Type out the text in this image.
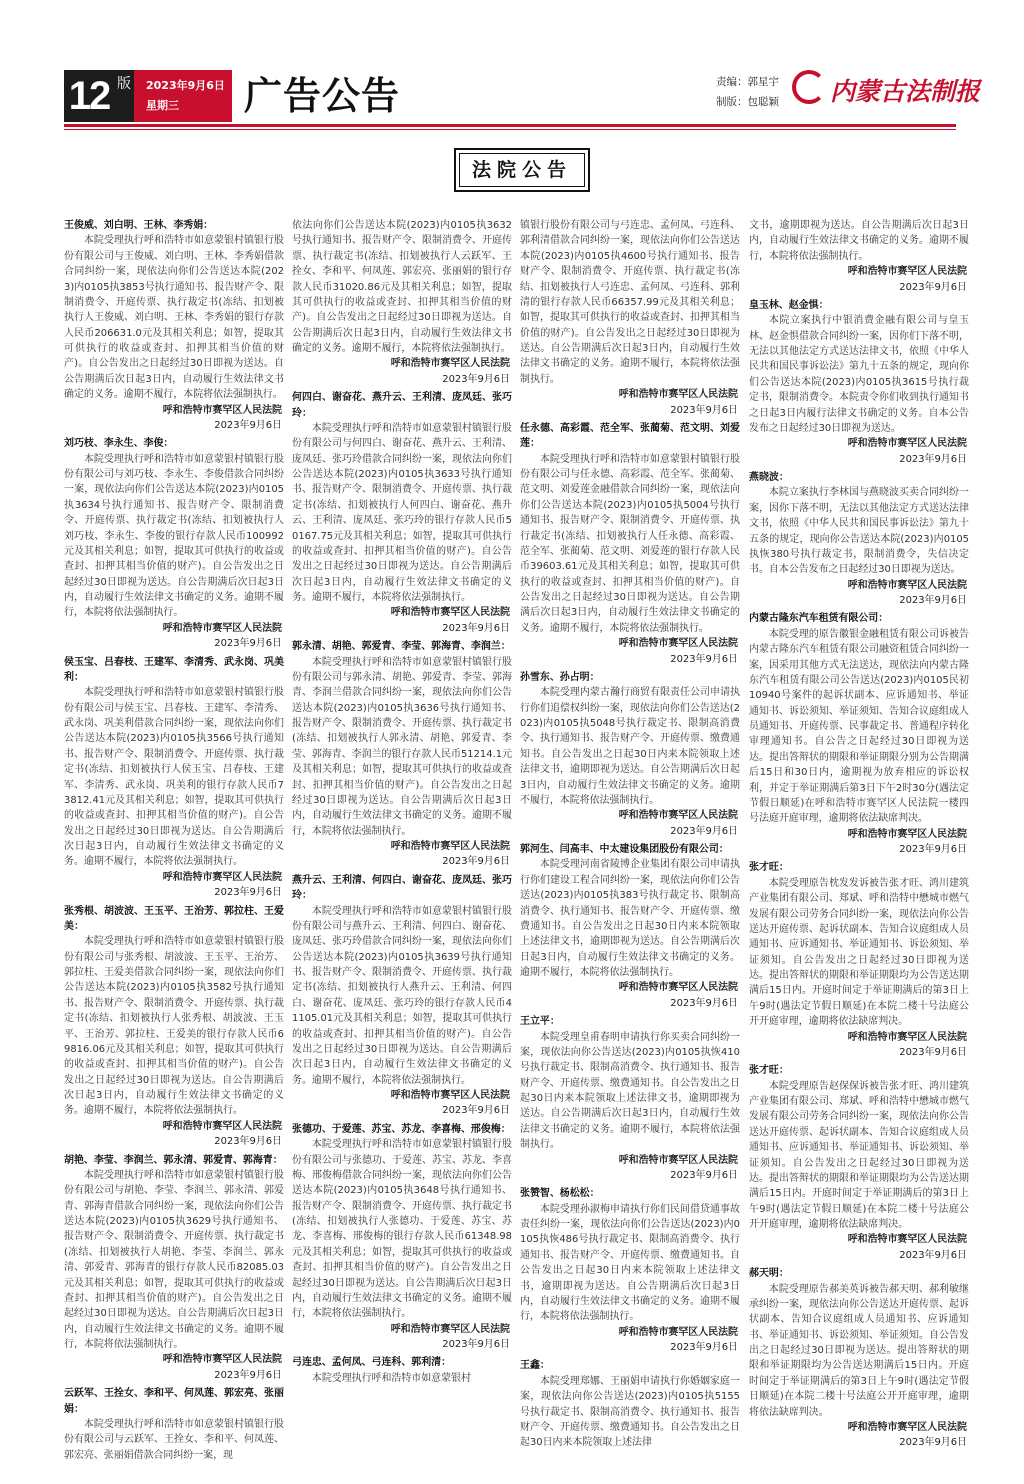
12 版 2023年9月6日
星期三	广告公告	责编：郭星宇
制版：包聪颖 内蒙古法制报
法院公告
王俊威、刘白明、王林、李秀娟：
本院受理执行呼和浩特市如意蒙银村镇银行股份有限公司与王俊威、刘白明、王林、李秀娟借款合同纠纷一案，现依法向你们公告送达本院(2023)内0105执3853号执行通知书、报告财产令、限制消费令、开庭传票、执行裁定书(冻结、扣划被执行人王俊威、刘白明、王林、李秀娟的银行存款人民币206631.0元及其相关利息；如智，提取其可供执行的收益或查封、扣押其相当价值的财产)。自公告发出之日起经过30日即视为送达。自公告期满后次日起3日内，自动履行生效法律文书确定的义务。逾期不履行，本院将依法强制执行。
呼和浩特市赛罕区人民法院
2023年9月6日
刘巧枝、李永生、李俊：
本院受理执行呼和浩特市如意蒙银村镇银行股份有限公司与刘巧枝、李永生、李俊借款合同纠纷一案，现依法向你们公告送达本院(2023)内0105执3634号执行通知书、报告财产令、限制消费令、开庭传票、执行裁定书(冻结、扣划被执行人刘巧枝、李永生、李俊的银行存款人民币100992元及其相关利息；如智，提取其可供执行的收益或查封、扣押其相当价值的财产)。自公告发出之日起经过30日即视为送达。自公告期满后次日起3日内，自动履行生效法律文书确定的义务。逾期不履行，本院将依法强制执行。
呼和浩特市赛罕区人民法院
2023年9月6日
侯玉宝、吕春枝、王建军、李清秀、武永岗、巩美利：
本院受理执行呼和浩特市如意蒙银村镇银行股份有限公司与侯玉宝、吕春枝、王建军、李清秀、武永岗、巩美利借款合同纠纷一案，现依法向你们公告送达本院(2023)内0105执3566号执行通知书、报告财产令、限制消费令、开庭传票、执行裁定书(冻结、扣划被执行人侯玉宝、吕春枝、王建军、李清秀、武永岗、巩美利的银行存款人民币73812.41元及其相关利息；如智，提取其可供执行的收益或查封、扣押其相当价值的财产)。自公告发出之日起经过30日即视为送达。自公告期满后次日起3日内，自动履行生效法律文书确定的义务。逾期不履行，本院将依法强制执行。
呼和浩特市赛罕区人民法院
2023年9月6日
张秀根、胡波波、王玉平、王治芳、郭拉柱、王爱美：
本院受理执行呼和浩特市如意蒙银村镇银行股份有限公司与张秀根、胡波波、王玉平、王治芳、郭拉柱、王爱美借款合同纠纷一案，现依法向你们公告送达本院(2023)内0105执3582号执行通知书、报告财产令、限制消费令、开庭传票、执行裁定书(冻结、扣划被执行人张秀根、胡波波、王玉平、王治芳、郭拉柱、王爱美的银行存款人民币69816.06元及其相关利息；如智，提取其可供执行的收益或查封、扣押其相当价值的财产)。自公告发出之日起经过30日即视为送达。自公告期满后次日起3日内，自动履行生效法律文书确定的义务。逾期不履行，本院将依法强制执行。
呼和浩特市赛罕区人民法院
2023年9月6日
胡艳、李莹、李润兰、郭永清、郭爱青、郭海青：
本院受理执行呼和浩特市如意蒙银村镇银行股份有限公司与胡艳、李莹、李润兰、郭永清、郭爱青、郭海青借款合同纠纷一案，现依法向你们公告送达本院(2023)内0105执3629号执行通知书、报告财产令、限制消费令、开庭传票、执行裁定书(冻结、扣划被执行人胡艳、李莹、李润兰、郭永清、郭爱青、郭海青的银行存款人民币82085.03元及其相关利息；如智，提取其可供执行的收益或查封、扣押其相当价值的财产)。自公告发出之日起经过30日即视为送达。自公告期满后次日起3日内，自动履行生效法律文书确定的义务。逾期不履行，本院将依法强制执行。
呼和浩特市赛罕区人民法院
2023年9月6日
云跃军、王拴女、李和平、何凤莲、郭宏亮、张丽娟：
本院受理执行呼和浩特市如意蒙银村镇银行股份有限公司与云跃军、王拴女、李和平、何凤莲、郭宏亮、张丽娟借款合同纠纷一案，现
依法向你们公告送达本院(2023)内0105执3632号执行通知书、报告财产令、限制消费令、开庭传票、执行裁定书(冻结、扣划被执行人云跃军、王拴女、李和平、何凤莲、郭宏亮、张丽娟的银行存款人民币31020.86元及其相关利息；如智，提取其可供执行的收益或查封、扣押其相当价值的财产)。自公告发出之日起经过30日即视为送达。自公告期满后次日起3日内，自动履行生效法律文书确定的义务。逾期不履行，本院将依法强制执行。
呼和浩特市赛罕区人民法院
2023年9月6日
何四白、谢奋花、燕升云、王利清、庞凤廷、张巧玲：
本院受理执行呼和浩特市如意蒙银村镇银行股份有限公司与何四白、谢奋花、燕升云、王利清、庞凤廷、张巧玲借款合同纠纷一案，现依法向你们公告送达本院(2023)内0105执3633号执行通知书、报告财产令、限制消费令、开庭传票、执行裁定书(冻结、扣划被执行人何四白、谢奋花、燕升云、王利清、庞凤廷、张巧玲的银行存款人民币50167.75元及其相关利息；如智，提取其可供执行的收益或查封、扣押其相当价值的财产)。自公告发出之日起经过30日即视为送达。自公告期满后次日起3日内，自动履行生效法律文书确定的义务。逾期不履行，本院将依法强制执行。
呼和浩特市赛罕区人民法院
2023年9月6日
郭永清、胡艳、郭爱青、李莹、郭海青、李润兰：
本院受理执行呼和浩特市如意蒙银村镇银行股份有限公司与郭永清、胡艳、郭爱青、李莹、郭海青、李润兰借款合同纠纷一案，现依法向你们公告送达本院(2023)内0105执3636号执行通知书、报告财产令、限制消费令、开庭传票、执行裁定书(冻结、扣划被执行人郭永清、胡艳、郭爱青、李莹、郭海青、李润兰的银行存款人民币51214.1元及其相关利息；如智，提取其可供执行的收益或查封、扣押其相当价值的财产)。自公告发出之日起经过30日即视为送达。自公告期满后次日起3日内，自动履行生效法律文书确定的义务。逾期不履行，本院将依法强制执行。
呼和浩特市赛罕区人民法院
2023年9月6日
燕升云、王利清、何四白、谢奋花、庞凤廷、张巧玲：
本院受理执行呼和浩特市如意蒙银村镇银行股份有限公司与燕升云、王利清、何四白、谢奋花、庞凤廷、张巧玲借款合同纠纷一案，现依法向你们公告送达本院(2023)内0105执3639号执行通知书、报告财产令、限制消费令、开庭传票、执行裁定书(冻结、扣划被执行人燕升云、王利清、何四白、谢奋花、庞凤廷、张巧玲的银行存款人民币41105.01元及其相关利息；如智，提取其可供执行的收益或查封、扣押其相当价值的财产)。自公告发出之日起经过30日即视为送达。自公告期满后次日起3日内，自动履行生效法律文书确定的义务。逾期不履行，本院将依法强制执行。
呼和浩特市赛罕区人民法院
2023年9月6日
张德功、于爱莲、苏宝、苏龙、李喜梅、邢俊梅：
本院受理执行呼和浩特市如意蒙银村镇银行股份有限公司与张德功、于爱莲、苏宝、苏龙、李喜梅、邢俊梅借款合同纠纷一案，现依法向你们公告送达本院(2023)内0105执3648号执行通知书、报告财产令、限制消费令、开庭传票、执行裁定书(冻结、扣划被执行人张德功、于爱莲、苏宝、苏龙、李喜梅、邢俊梅的银行存款人民币61348.98元及其相关利息；如智，提取其可供执行的收益或查封、扣押其相当价值的财产)。自公告发出之日起经过30日即视为送达。自公告期满后次日起3日内，自动履行生效法律文书确定的义务。逾期不履行，本院将依法强制执行。
呼和浩特市赛罕区人民法院
2023年9月6日
弓连忠、孟何凤、弓连科、郭利清：
本院受理执行呼和浩特市如意蒙银村
镇银行股份有限公司与弓连忠、孟何凤、弓连科、郭利清借款合同纠纷一案，现依法向你们公告送达本院(2023)内0105执4600号执行通知书、报告财产令、限制消费令、开庭传票、执行裁定书(冻结、扣划被执行人弓连忠、孟何凤、弓连科、郭利清的银行存款人民币66357.99元及其相关利息；如智，提取其可供执行的收益或查封、扣押其相当价值的财产)。自公告发出之日起经过30日即视为送达。自公告期满后次日起3日内，自动履行生效法律文书确定的义务。逾期不履行，本院将依法强制执行。
呼和浩特市赛罕区人民法院
2023年9月6日
任永德、高彩霞、范全军、张蔺菊、范文明、刘爱莲：
本院受理执行呼和浩特市如意蒙银村镇银行股份有限公司与任永德、高彩霞、范全军、张蔺菊、范文明、刘爱莲金融借款合同纠纷一案，现依法向你们公告送达本院(2023)内0105执5004号执行通知书、报告财产令、限制消费令、开庭传票、执行裁定书(冻结、扣划被执行人任永德、高彩霞、范全军、张蔺菊、范文明、刘爱莲的银行存款人民币39603.61元及其相关利息；如智，提取其可供执行的收益或查封、扣押其相当价值的财产)。自公告发出之日起经过30日即视为送达。自公告期满后次日起3日内，自动履行生效法律文书确定的义务。逾期不履行，本院将依法强制执行。
呼和浩特市赛罕区人民法院
2023年9月6日
孙雪东、孙占明：
本院受理内蒙古瀚行商贸有限责任公司申请执行你们追偿权纠纷一案，现依法向你们公告送达(2023)内0105执5048号执行裁定书、限制高消费令、执行通知书、报告财产令、开庭传票、缴费通知书。自公告发出之日起30日内来本院领取上述法律文书，逾期即视为送达。自公告期满后次日起3日内，自动履行生效法律文书确定的义务。逾期不履行，本院将依法强制执行。
呼和浩特市赛罕区人民法院
2023年9月6日
郭河生、闫高丰、中太建设集团股份有限公司：
本院受理河南省陵博企业集团有限公司申请执行你们建设工程合同纠纷一案，现依法向你们公告送达(2023)内0105执383号执行裁定书、限制高消费令、执行通知书、报告财产令、开庭传票、缴费通知书。自公告发出之日起30日内来本院领取上述法律文书，逾期即视为送达。自公告期满后次日起3日内，自动履行生效法律文书确定的义务。逾期不履行，本院将依法强制执行。
呼和浩特市赛罕区人民法院
2023年9月6日
王立平：
本院受理皇甫春明申请执行你买卖合同纠纷一案，现依法向你公告送达(2023)内0105执恢410号执行裁定书、限制高消费令、执行通知书、报告财产令、开庭传票、缴费通知书。自公告发出之日起30日内来本院领取上述法律文书，逾期即视为送达。自公告期满后次日起3日内，自动履行生效法律文书确定的义务。逾期不履行，本院将依法强制执行。
呼和浩特市赛罕区人民法院
2023年9月6日
张赞智、杨松松：
本院受理孙淑梅申请执行你们民间借贷通事故责任纠纷一案，现依法向你们公告送达(2023)内0105执恢486号执行裁定书、限制高消费令、执行通知书、报告财产令、开庭传票、缴费通知书。自公告发出之日起30日内来本院领取上述法律文书，逾期即视为送达。自公告期满后次日起3日内，自动履行生效法律文书确定的义务。逾期不履行，本院将依法强制执行。
呼和浩特市赛罕区人民法院
2023年9月6日
王鑫：
本院受理郑娜、王丽娟申请执行你婚姻家庭一案，现依法向你公告送达(2023)内0105执5155号执行裁定书、限制高消费令、执行通知书、报告财产令、开庭传票、缴费通知书。自公告发出之日起30日内来本院领取上述法律
文书，逾期即视为送达。自公告期满后次日起3日内，自动履行生效法律文书确定的义务。逾期不履行，本院将依法强制执行。
呼和浩特市赛罕区人民法院
2023年9月6日
皇玉林、赵金惧：
本院立案执行中银消费金融有限公司与皇玉林、赵金惧借款合同纠纷一案，因你们下落不明，无法以其他法定方式送达法律文书，依照《中华人民共和国民事诉讼法》第九十五条的规定，现向你们公告送达本院(2023)内0105执3615号执行裁定书，限制消费令。本院责令你们收到执行通知书之日起3日内履行法律文书确定的义务。自本公告发布之日起经过30日即视为送达。
呼和浩特市赛罕区人民法院
2023年9月6日
燕晓波：
本院立案执行李林国与燕晓波买卖合同纠纷一案，因你下落不明，无法以其他法定方式送达法律文书，依照《中华人民共和国民事诉讼法》第九十五条的规定，现向你公告送达本院(2023)内0105执恢380号执行裁定书，限制消费令，失信决定书。自本公告发布之日起经过30日即视为送达。
呼和浩特市赛罕区人民法院
2023年9月6日
内蒙古隆东汽车租赁有限公司：
本院受理的原告徽银金融租赁有限公司诉被告内蒙古隆东汽车租赁有限公司融资租赁合同纠纷一案，因采用其他方式无法送达，现依法向内蒙古隆东汽车租赁有限公司公告送达(2023)内0105民初10940号案件的起诉状副本、应诉通知书、举证通知书、诉讼须知、举证须知、告知合议庭组成人员通知书、开庭传票、民事裁定书、普通程序转化审理通知书。自公告之日起经过30日即视为送达。提出答辩状的期限和举证期限分别为公告期满后15日和30日内，逾期视为放弃相应的诉讼权利，并定于举证期满后第3日下午2时30分(遇法定节假日顺延)在呼和浩特市赛罕区人民法院一楼四号法庭开庭审理，逾期将依法缺席判决。
呼和浩特市赛罕区人民法院
2023年9月6日
张才旺：
本院受理原告枕发发诉被告张才旺、鸿川建筑产业集团有限公司、郑斌、呼和浩特中懋城市燃气发展有限公司劳务合同纠纷一案，现依法向你公告送达开庭传票、起诉状副本、告知合议庭组成人员通知书、应诉通知书、举证通知书、诉讼须知、举证须知。自公告发出之日起经过30日即视为送达。提出答辩状的期限和举证期限均为公告送达期满后15日内。开庭时间定于举证期满后的第3日上午9时(遇法定节假日顺延)在本院二楼十号法庭公开开庭审理，逾期将依法缺席判决。
呼和浩特市赛罕区人民法院
2023年9月6日
张才旺：
本院受理原告赵保保诉被告张才旺、鸿川建筑产业集团有限公司、郑斌、呼和浩特中懋城市燃气发展有限公司劳务合同纠纷一案，现依法向你公告送达开庭传票、起诉状副本、告知合议庭组成人员通知书、应诉通知书、举证通知书、诉讼须知、举证须知。自公告发出之日起经过30日即视为送达。提出答辩状的期限和举证期限均为公告送达期满后15日内。开庭时间定于举证期满后的第3日上午9时(遇法定节假日顺延)在本院二楼十号法庭公开开庭审理，逾期将依法缺席判决。
呼和浩特市赛罕区人民法院
2023年9月6日
郝天明：
本院受理原告郝美英诉被告郝天明、郝利敏继承纠纷一案，现依法向你公告送达开庭传票、起诉状副本、告知合议庭组成人员通知书、应诉通知书、举证通知书、诉讼须知、举证须知。自公告发出之日起经过30日即视为送达。提出答辩状的期限和举证期限均为公告送达期满后15日内。开庭时间定于举证期满后的第3日上午9时(遇法定节假日顺延)在本院二楼十号法庭公开开庭审理，逾期将依法缺席判决。
呼和浩特市赛罕区人民法院
2023年9月6日
